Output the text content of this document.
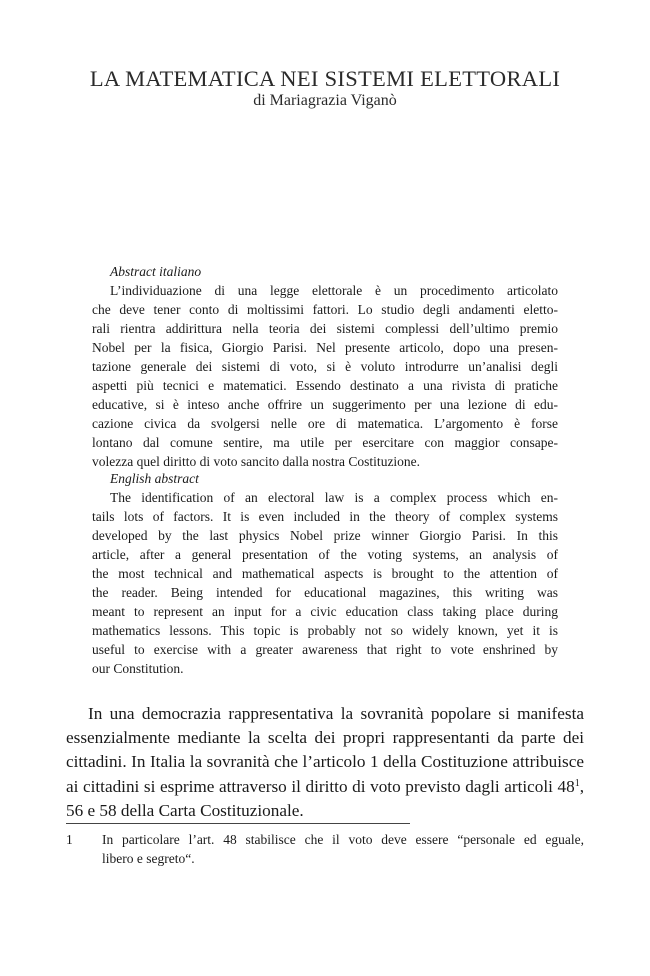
LA MATEMATICA NEI SISTEMI ELETTORALI
di Mariagrazia Viganò
Abstract italiano
L’individuazione di una legge elettorale è un procedimento articolato
che deve tener conto di moltissimi fattori. Lo studio degli andamenti eletto-
rali rientra addirittura nella teoria dei sistemi complessi dell’ultimo premio
Nobel per la fisica, Giorgio Parisi. Nel presente articolo, dopo una presen-
tazione generale dei sistemi di voto, si è voluto introdurre un’analisi degli
aspetti più tecnici e matematici. Essendo destinato a una rivista di pratiche
educative, si è inteso anche offrire un suggerimento per una lezione di edu-
cazione civica da svolgersi nelle ore di matematica. L’argomento è forse
lontano dal comune sentire, ma utile per esercitare con maggior consape-
volezza quel diritto di voto sancito dalla nostra Costituzione.
English abstract
The identification of an electoral law is a complex process which en-
tails lots of factors. It is even included in the theory of complex systems
developed by the last physics Nobel prize winner Giorgio Parisi. In this
article, after a general presentation of the voting systems, an analysis of
the most technical and mathematical aspects is brought to the attention of
the reader. Being intended for educational magazines, this writing was
meant to represent an input for a civic education class taking place during
mathematics lessons. This topic is probably not so widely known, yet it is
useful to exercise with a greater awareness that right to vote enshrined by
our Constitution.
In una democrazia rappresentativa la sovranità popolare si manifesta
essenzialmente mediante la scelta dei propri rappresentanti da parte dei
cittadini. In Italia la sovranità che l’articolo 1 della Costituzione attribuisce
ai cittadini si esprime attraverso il diritto di voto previsto dagli articoli $48^1$,
56 e 58 della Carta Costituzionale.
1 In particolare l’art. 48 stabilisce che il voto deve essere “personale ed eguale,
libero e segreto“.
